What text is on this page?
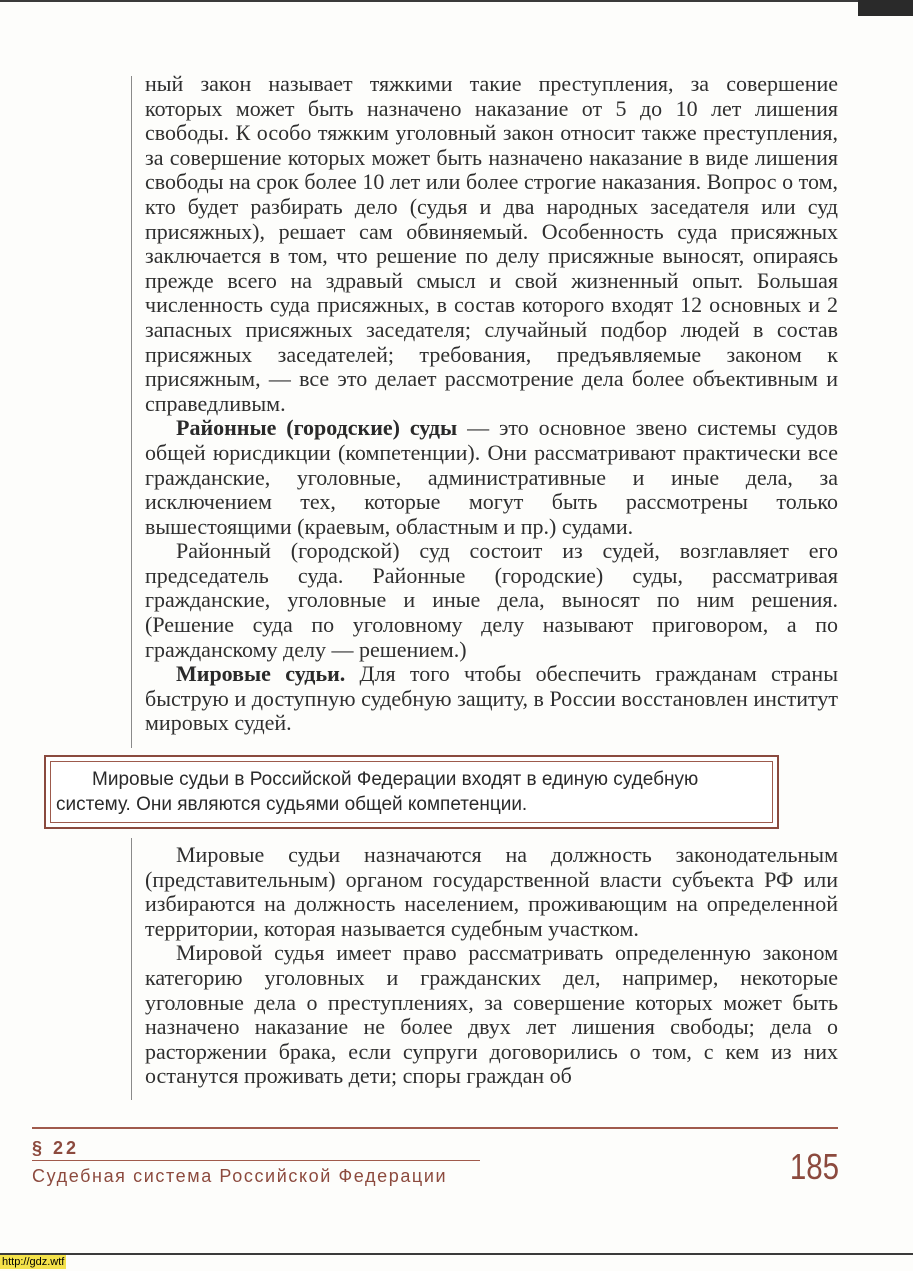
ный закон называет тяжкими такие преступления, за совершение которых может быть назначено наказание от 5 до 10 лет лишения свободы. К особо тяжким уголовный закон относит также преступления, за совершение которых может быть назначено наказание в виде лишения свободы на срок более 10 лет или более строгие наказания. Вопрос о том, кто будет разбирать дело (судья и два народных заседателя или суд присяжных), решает сам обвиняемый. Особенность суда присяжных заключается в том, что решение по делу присяжные выносят, опираясь прежде всего на здравый смысл и свой жизненный опыт. Большая численность суда присяжных, в состав которого входят 12 основных и 2 запасных присяжных заседателя; случайный подбор людей в состав присяжных заседателей; требования, предъявляемые законом к присяжным, — все это делает рассмотрение дела более объективным и справедливым.

Районные (городские) суды — это основное звено системы судов общей юрисдикции (компетенции). Они рассматривают практически все гражданские, уголовные, административные и иные дела, за исключением тех, которые могут быть рассмотрены только вышестоящими (краевым, областным и пр.) судами.

Районный (городской) суд состоит из судей, возглавляет его председатель суда. Районные (городские) суды, рассматривая гражданские, уголовные и иные дела, выносят по ним решения. (Решение суда по уголовному делу называют приговором, а по гражданскому делу — решением.)

Мировые судьи. Для того чтобы обеспечить гражданам страны быструю и доступную судебную защиту, в России восстановлен институт мировых судей.

Мировые судьи в Российской Федерации входят в единую судебную систему. Они являются судьями общей компетенции.

Мировые судьи назначаются на должность законодательным (представительным) органом государственной власти субъекта РФ или избираются на должность населением, проживающим на определенной территории, которая называется судебным участком.

Мировой судья имеет право рассматривать определенную законом категорию уголовных и гражданских дел, например, некоторые уголовные дела о преступлениях, за совершение которых может быть назначено наказание не более двух лет лишения свободы; дела о расторжении брака, если супруги договорились о том, с кем из них останутся проживать дети; споры граждан об

§ 22
Судебная система Российской Федерации	185
http://gdz.wtf
